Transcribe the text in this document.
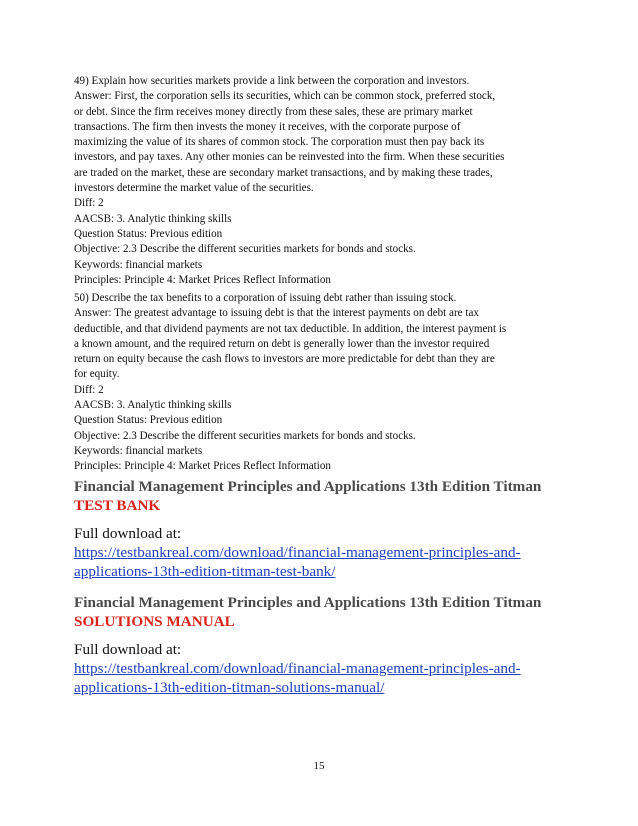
49) Explain how securities markets provide a link between the corporation and investors.
Answer: First, the corporation sells its securities, which can be common stock, preferred stock,
or debt. Since the firm receives money directly from these sales, these are primary market
transactions. The firm then invests the money it receives, with the corporate purpose of
maximizing the value of its shares of common stock. The corporation must then pay back its
investors, and pay taxes. Any other monies can be reinvested into the firm. When these securities
are traded on the market, these are secondary market transactions, and by making these trades,
investors determine the market value of the securities.
Diff: 2
AACSB: 3. Analytic thinking skills
Question Status: Previous edition
Objective: 2.3 Describe the different securities markets for bonds and stocks.
Keywords: financial markets
Principles: Principle 4: Market Prices Reflect Information
50) Describe the tax benefits to a corporation of issuing debt rather than issuing stock.
Answer: The greatest advantage to issuing debt is that the interest payments on debt are tax
deductible, and that dividend payments are not tax deductible. In addition, the interest payment is
a known amount, and the required return on debt is generally lower than the investor required
return on equity because the cash flows to investors are more predictable for debt than they are
for equity.
Diff: 2
AACSB: 3. Analytic thinking skills
Question Status: Previous edition
Objective: 2.3 Describe the different securities markets for bonds and stocks.
Keywords: financial markets
Principles: Principle 4: Market Prices Reflect Information
Financial Management Principles and Applications 13th Edition Titman
TEST BANK
Full download at:
https://testbankreal.com/download/financial-management-principles-and-
applications-13th-edition-titman-test-bank/
Financial Management Principles and Applications 13th Edition Titman
SOLUTIONS MANUAL
Full download at:
https://testbankreal.com/download/financial-management-principles-and-
applications-13th-edition-titman-solutions-manual/
15
